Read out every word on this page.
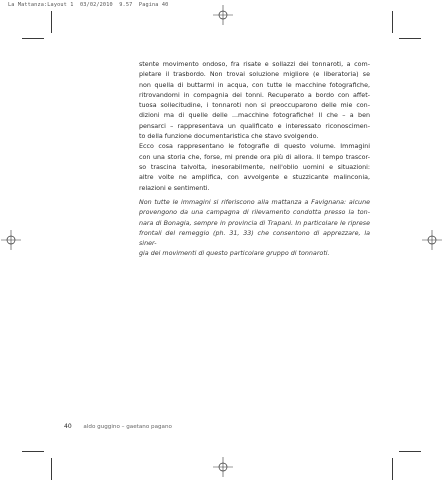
La Mattanza:Layout 1  03/02/2010  9.57  Pagina 40
stente movimento ondoso, fra risate e sollazzi dei tonnaroti, a com-
pletare il trasbordo. Non trovai soluzione migliore (e liberatoria) se
non quella di buttarmi in acqua, con tutte le macchine fotografiche,
ritrovandomi in compagnia dei tonni. Recuperato a bordo con affet-
tuosa sollecitudine, i tonnaroti non si preoccuparono delle mie con-
dizioni ma di quelle delle ...macchine fotografiche! Il che – a ben
pensarci – rappresentava un qualificato e interessato riconoscimen-
to della funzione documentaristica che stavo svolgendo.
Ecco cosa rappresentano le fotografie di questo volume. Immagini
con una storia che, forse, mi prende ora più di allora. Il tempo trascor-
so trascina talvolta, inesorabilmente, nell'oblio uomini e situazioni:
altre volte ne amplifica, con avvolgente e stuzzicante malinconia,
relazioni e sentimenti.
Non tutte le immagini si riferiscono alla mattanza a Favignana: alcune
provengono da una campagna di rilevamento condotta presso la ton-
nara di Bonagia, sempre in provincia di Trapani. In particolare le riprese
frontali del remeggio (ph. 31, 33) che consentono di apprezzare, la siner-
gia dei movimenti di questo particolare gruppo di tonnaroti.
40 aldo guggino – gaetano pagano
